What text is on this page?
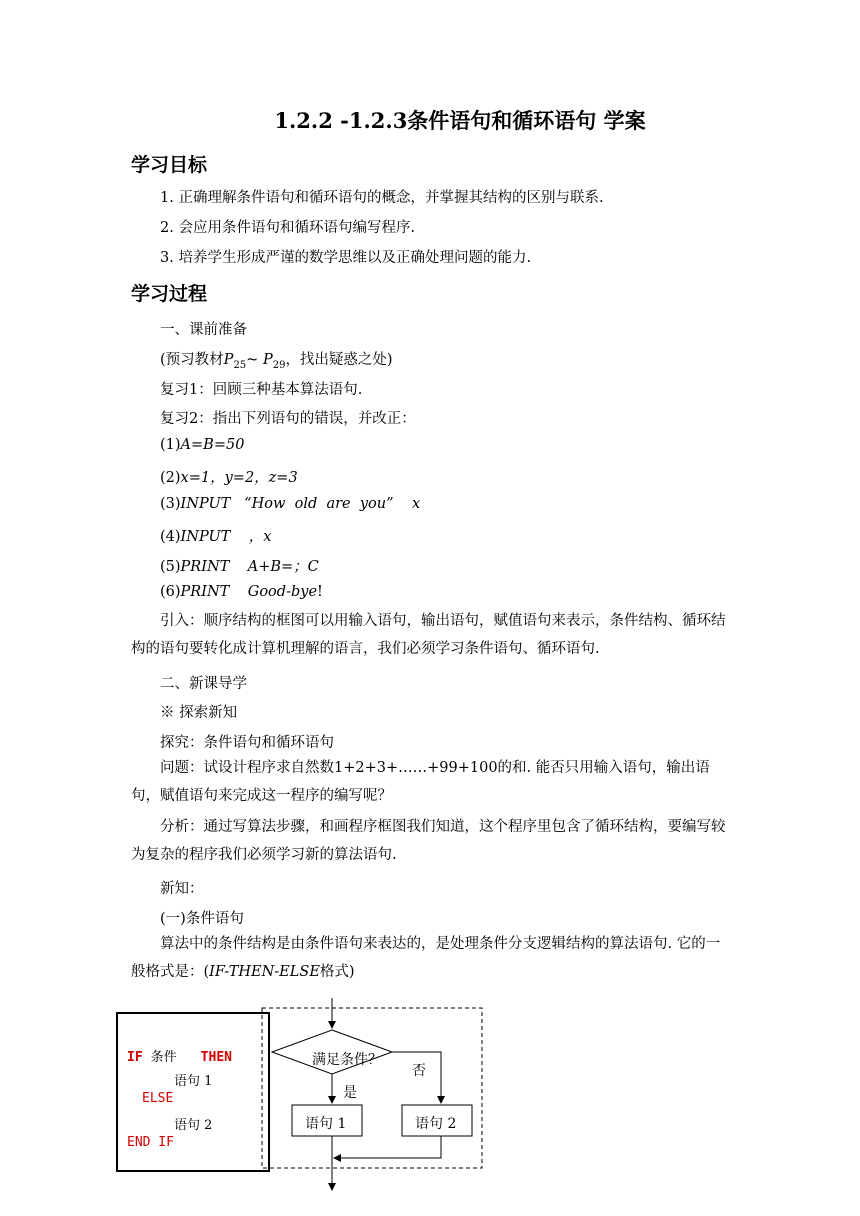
1.2.2 -1.2.3条件语句和循环语句 学案
学习目标
1. 正确理解条件语句和循环语句的概念，并掌握其结构的区别与联系.
2. 会应用条件语句和循环语句编写程序.
3. 培养学生形成严谨的数学思维以及正确处理问题的能力.
学习过程
一、课前准备
(预习教材$P_{25}\sim$ $P_{29}$，找出疑惑之处)
复习1：回顾三种基本算法语句.
复习2：指出下列语句的错误，并改正：
(1)A=B=50
(2)x=1，y=2，z=3
(3)INPUT   “How  old  are  you”    x
(4)INPUT    ，x
(5)PRINT    A+B=；C
(6)PRINT    Good-bye!
引入：顺序结构的框图可以用输入语句，输出语句，赋值语句来表示，条件结构、循环结构的语句要转化成计算机理解的语言，我们必须学习条件语句、循环语句.
二、新课导学
※ 探索新知
探究：条件语句和循环语句
问题：试设计程序求自然数1+2+3+……+99+100的和. 能否只用输入语句，输出语句，赋值语句来完成这一程序的编写呢？
分析：通过写算法步骤，和画程序框图我们知道，这个程序里包含了循环结构，要编写较为复杂的程序我们必须学习新的算法语句.
新知：
(一)条件语句
算法中的条件结构是由条件语句来表达的，是处理条件分支逻辑结构的算法语句. 它的一般格式是：(IF-THEN-ELSE格式)
IF 条件 THEN
语句 1
ELSE
语句 2
END IF
满足条件？
是
否
语句 1	语句 2
